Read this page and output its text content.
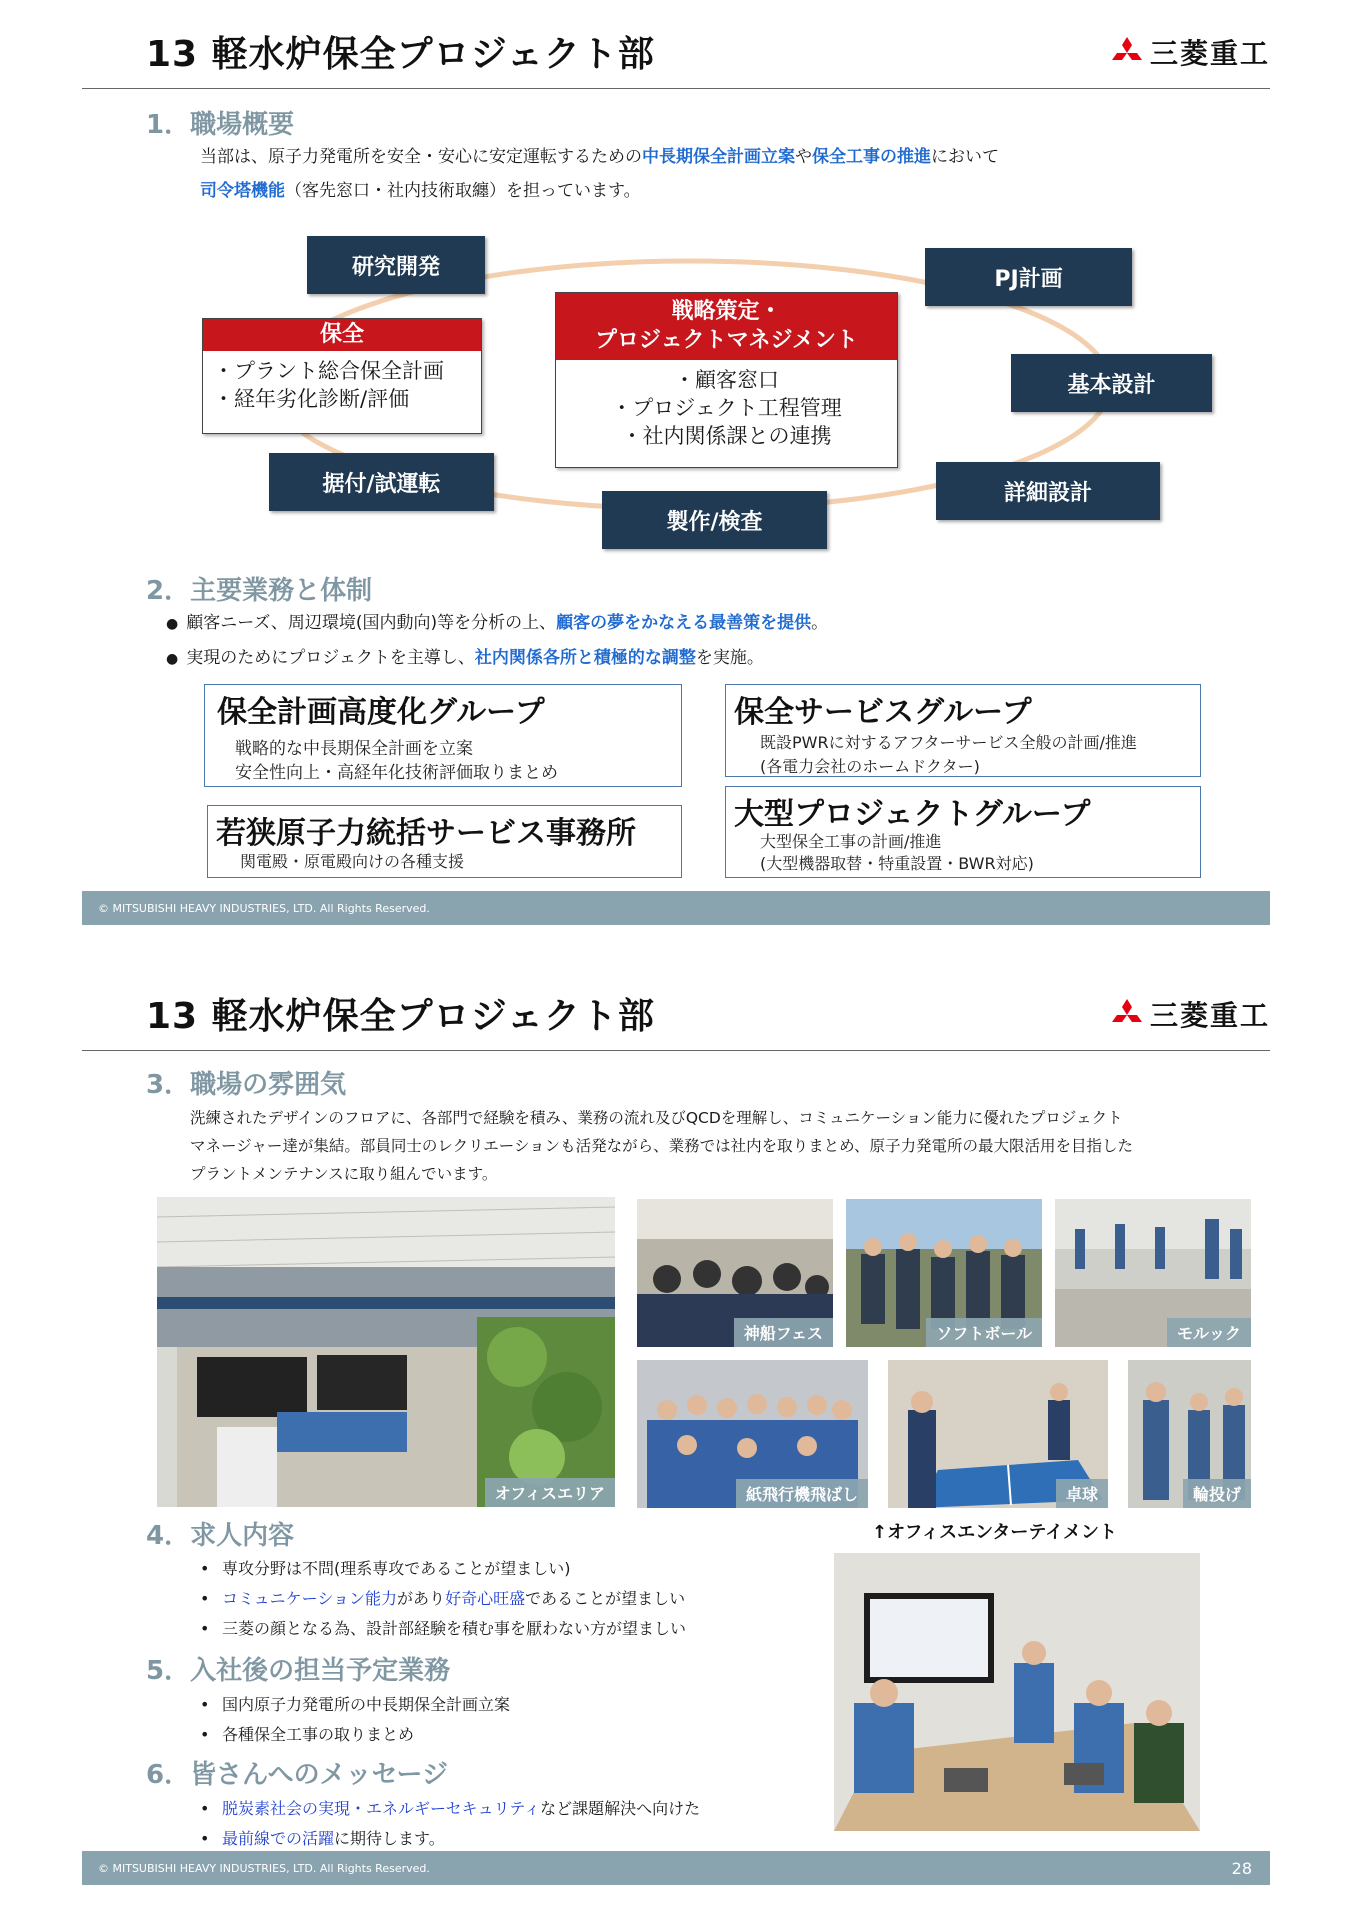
13 軽水炉保全プロジェクト部	三菱重工
1．職場概要
当部は、原子力発電所を安全・安心に安定運転するための中長期保全計画立案や保全工事の推進において
司令塔機能（客先窓口・社内技術取纏）を担っています。
研究開発	PJ計画
基本設計
詳細設計
製作/検査
据付/試運転
保全
・プラント総合保全計画
・経年劣化診断/評価
戦略策定・
プロジェクトマネジメント
・顧客窓口
・プロジェクト工程管理
・社内関係課との連携
2．主要業務と体制
● 顧客ニーズ、周辺環境(国内動向)等を分析の上、顧客の夢をかなえる最善策を提供。
● 実現のためにプロジェクトを主導し、社内関係各所と積極的な調整を実施。
保全計画高度化グループ
戦略的な中長期保全計画を立案
安全性向上・高経年化技術評価取りまとめ
保全サービスグループ
既設PWRに対するアフターサービス全般の計画/推進
(各電力会社のホームドクター)
若狭原子力統括サービス事務所
関電殿・原電殿向けの各種支援
大型プロジェクトグループ
大型保全工事の計画/推進
(大型機器取替・特重設置・BWR対応)
© MITSUBISHI HEAVY INDUSTRIES, LTD. All Rights Reserved.
13 軽水炉保全プロジェクト部	三菱重工
3．職場の雰囲気
洗練されたデザインのフロアに、各部門で経験を積み、業務の流れ及びQCDを理解し、コミュニケーション能力に優れたプロジェクト
マネージャー達が集結。部員同士のレクリエーションも活発ながら、業務では社内を取りまとめ、原子力発電所の最大限活用を目指した
プラントメンテナンスに取り組んでいます。
オフィスエリア
神船フェス	ソフトボール	モルック
紙飛行機飛ばし	卓球	輪投げ
↑オフィスエンターテイメント
4．求人内容
• 専攻分野は不問(理系専攻であることが望ましい)
• コミュニケーション能力があり好奇心旺盛であることが望ましい
• 三菱の顔となる為、設計部経験を積む事を厭わない方が望ましい
5．入社後の担当予定業務
• 国内原子力発電所の中長期保全計画立案
• 各種保全工事の取りまとめ
6．皆さんへのメッセージ
• 脱炭素社会の実現・エネルギーセキュリティなど課題解決へ向けた
• 最前線での活躍に期待します。
© MITSUBISHI HEAVY INDUSTRIES, LTD. All Rights Reserved.	28
